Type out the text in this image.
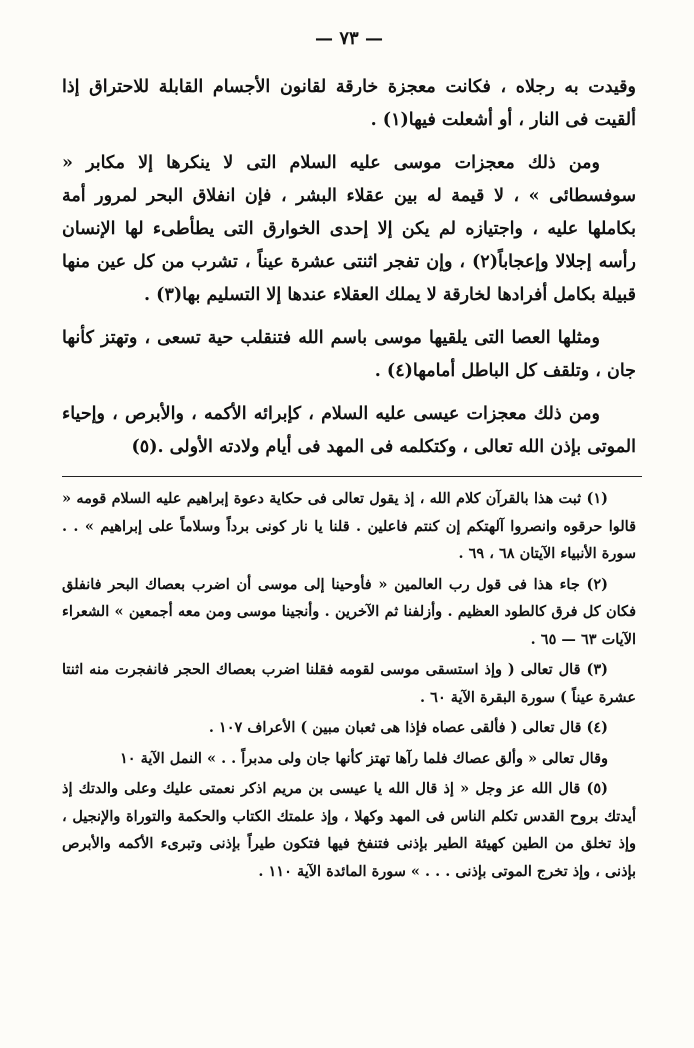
— ٧٣ —

وقيدت به رجلاه ، فكانت معجزة خارقة لقانون الأجسام القابلة للاحتراق إذا ألقيت فى النار ، أو أشعلت فيها(١) .

ومن ذلك معجزات موسى عليه السلام التى لا ينكرها إلا مكابر « سوفسطائى » ، لا قيمة له بين عقلاء البشر ، فإن انفلاق البحر لمرور أمة بكاملها عليه ، واجتيازه لم يكن إلا إحدى الخوارق التى يطأطىء لها الإنسان رأسه إجلالا وإعجاباً(٢) ، وإن تفجر اثنتى عشرة عيناً ، تشرب من كل عين منها قبيلة بكامل أفرادها لخارقة لا يملك العقلاء عندها إلا التسليم بها(٣) .

ومثلها العصا التى يلقيها موسى باسم الله فتنقلب حية تسعى ، وتهتز كأنها جان ، وتلقف كل الباطل أمامها(٤) .

ومن ذلك معجزات عيسى عليه السلام ، كإبرائه الأكمه ، والأبرص ، وإحياء الموتى بإذن الله تعالى ، وكتكلمه فى المهد فى أيام ولادته الأولى .(٥)

(١) ثبت هذا بالقرآن كلام الله ، إذ يقول تعالى فى حكاية دعوة إبراهيم عليه السلام قومه « قالوا حرقوه وانصروا آلهتكم إن كنتم فاعلين . قلنا يا نار كونى برداً وسلاماً على إبراهيم » . . سورة الأنبياء الآيتان ٦٨ ، ٦٩ .

(٢) جاء هذا فى قول رب العالمين « فأوحينا إلى موسى أن اضرب بعصاك البحر فانفلق فكان كل فرق كالطود العظيم . وأزلفنا ثم الآخرين . وأنجينا موسى ومن معه أجمعين » الشعراء الآيات ٦٣ — ٦٥ .

(٣) قال تعالى ( وإذ استسقى موسى لقومه فقلنا اضرب بعصاك الحجر فانفجرت منه اثنتا عشرة عيناً ) سورة البقرة الآية ٦٠ .

(٤) قال تعالى ( فألقى عصاه فإذا هى ثعبان مبين ) الأعراف ١٠٧ .

وقال تعالى « وألق عصاك فلما رآها تهتز كأنها جان ولى مدبراً . . » النمل الآية ١٠

(٥) قال الله عز وجل « إذ قال الله يا عيسى بن مريم اذكر نعمتى عليك وعلى والدتك إذ أيدتك بروح القدس تكلم الناس فى المهد وكهلا ، وإذ علمتك الكتاب والحكمة والتوراة والإنجيل ، وإذ تخلق من الطين كهيئة الطير بإذنى فتنفخ فيها فتكون طيراً بإذنى وتبرىء الأكمه والأبرص بإذنى ، وإذ تخرج الموتى بإذنى . . . » سورة المائدة الآية ١١٠ .
